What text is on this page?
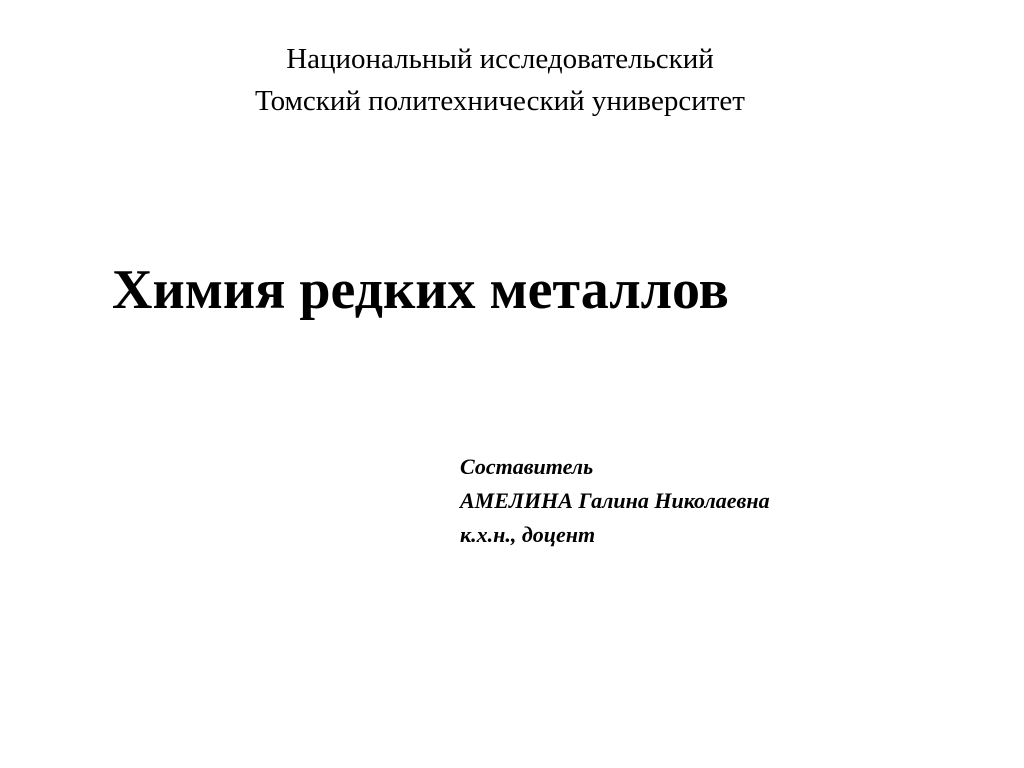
Национальный исследовательский
Томский политехнический университет
Химия редких металлов
Составитель
АМЕЛИНА Галина Николаевна
к.х.н., доцент
